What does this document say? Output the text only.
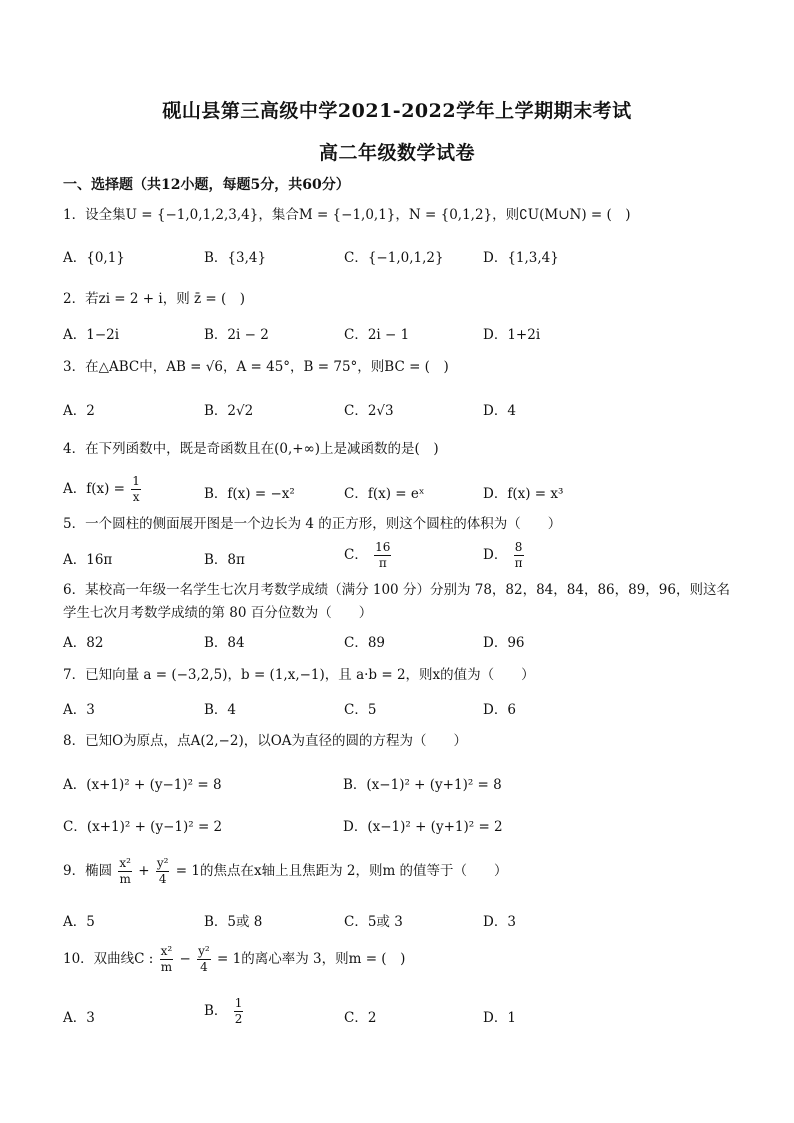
砚山县第三高级中学2021-2022学年上学期期末考试
高二年级数学试卷
一、选择题（共12小题，每题5分，共60分）
1．设全集U = {−1,0,1,2,3,4}，集合M = {−1,0,1}，N = {0,1,2}，则∁U(M∪N) = (　)
A．{0,1}	B．{3,4}	C．{−1,0,1,2}	D．{1,3,4}
2．若zi = 2 + i，则 z̄ = (　)
A．1−2i	B．2i − 2	C．2i − 1	D．1+2i
3．在△ABC中，AB = √6，A = 45°，B = 75°，则BC = (　)
A．2	B．2√2	C．2√3	D．4
4．在下列函数中，既是奇函数且在(0,+∞)上是减函数的是(　)
A．$f(x) = \frac{1}{x}$	B．f(x) = −x²	C．f(x) = eˣ	D．f(x) = x³
5．一个圆柱的侧面展开图是一个边长为 4 的正方形，则这个圆柱的体积为（　　）
A．16π	B．8π	C． $\frac{16}{\pi}$	D． $\frac{8}{\pi}$
6．某校高一年级一名学生七次月考数学成绩（满分 100 分）分别为 78，82，84，84，86，89，96，则这名学生七次月考数学成绩的第 80 百分位数为（　　）
A．82	B．84	C．89	D．96
7．已知向量 a = (−3,2,5)，b = (1,x,−1)，且 a·b = 2，则x的值为（　　）
A．3	B．4	C．5	D．6
8．已知O为原点，点A(2,−2)，以OA为直径的圆的方程为（　　）
A．(x+1)² + (y−1)² = 8	B．(x−1)² + (y+1)² = 8
C．(x+1)² + (y−1)² = 2	D．(x−1)² + (y+1)² = 2
9．椭圆 $\frac{\text{x²}}{m} + \frac{\text{y²}}{4} = 1$的焦点在x轴上且焦距为 2，则m 的值等于（　　）
A．5	B．5或 8	C．5或 3	D．3
10．双曲线C : $\frac{\text{x²}}{m} - \frac{\text{y²}}{4} = 1$的离心率为 3，则m = (　)
A．3	B． $\frac{1}{2}$	C．2	D．1
